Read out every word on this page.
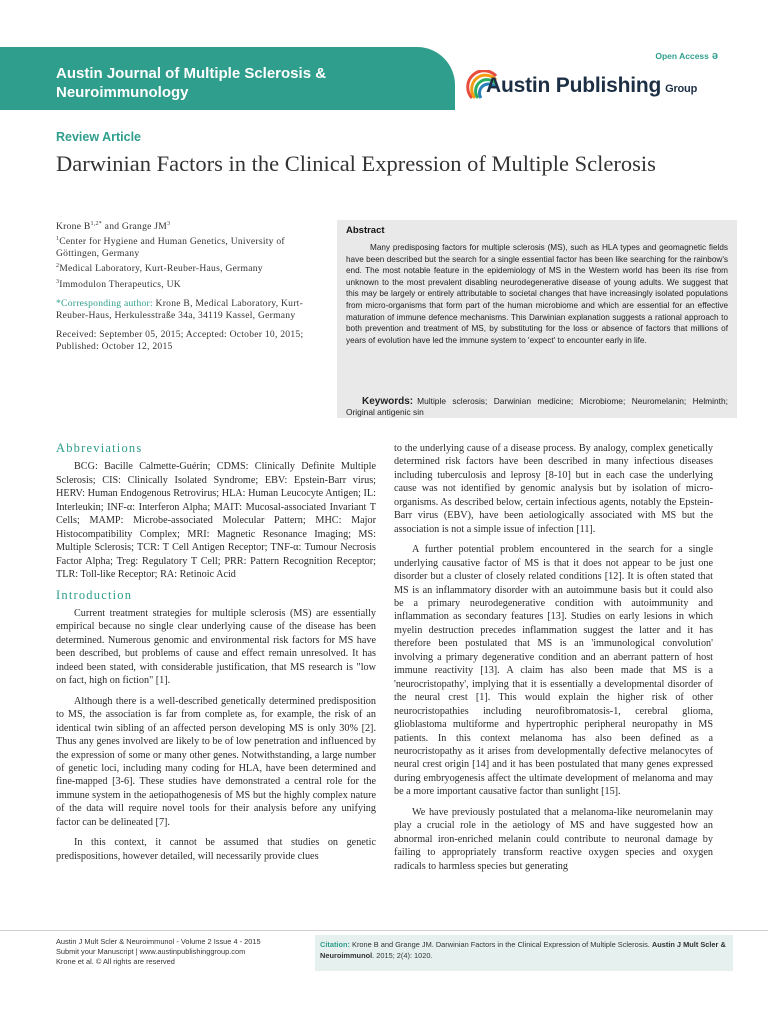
Austin Journal of Multiple Sclerosis & Neuroimmunology
Open Access ə
Austin Publishing Group
Review Article
Darwinian Factors in the Clinical Expression of Multiple Sclerosis

Krone $B^{1,2*}$ and Grange $JM^3$

$^1$Center for Hygiene and Human Genetics, University of Göttingen, Germany

$^2$Medical Laboratory, Kurt-Reuber-Haus, Germany

$^3$Immodulon Therapeutics, UK

*Corresponding author: Krone B, Medical Laboratory, Kurt-Reuber-Haus, Herkulesstraße 34a, 34119 Kassel, Germany

Received: September 05, 2015; Accepted: October 10, 2015; Published: October 12, 2015

Abstract
Many predisposing factors for multiple sclerosis (MS), such as HLA types and geomagnetic fields have been described but the search for a single essential factor has been like searching for the rainbow's end. The most notable feature in the epidemiology of MS in the Western world has been its rise from unknown to the most prevalent disabling neurodegenerative disease of young adults. We suggest that this may be largely or entirely attributable to societal changes that have increasingly isolated populations from micro-organisms that form part of the human microbiome and which are essential for an effective maturation of immune defence mechanisms. This Darwinian explanation suggests a rational approach to both prevention and treatment of MS, by substituting for the loss or absence of factors that millions of years of evolution have led the immune system to 'expect' to encounter early in life.
Keywords: Multiple sclerosis; Darwinian medicine; Microbiome; Neuromelanin; Helminth; Original antigenic sin
Abbreviations

BCG: Bacille Calmette-Guérin; CDMS: Clinically Definite Multiple Sclerosis; CIS: Clinically Isolated Syndrome; EBV: Epstein-Barr virus; HERV: Human Endogenous Retrovirus; HLA: Human Leucocyte Antigen; IL: Interleukin; INF-α: Interferon Alpha; MAIT: Mucosal-associated Invariant T Cells; MAMP: Microbe-associated Molecular Pattern; MHC: Major Histocompatibility Complex; MRI: Magnetic Resonance Imaging; MS: Multiple Sclerosis; TCR: T Cell Antigen Receptor; TNF-α: Tumour Necrosis Factor Alpha; Treg: Regulatory T Cell; PRR: Pattern Recognition Receptor; TLR: Toll-like Receptor; RA: Retinoic Acid

Introduction

Current treatment strategies for multiple sclerosis (MS) are essentially empirical because no single clear underlying cause of the disease has been determined. Numerous genomic and environmental risk factors for MS have been described, but problems of cause and effect remain unresolved. It has indeed been stated, with considerable justification, that MS research is "low on fact, high on fiction" [1].

Although there is a well-described genetically determined predisposition to MS, the association is far from complete as, for example, the risk of an identical twin sibling of an affected person developing MS is only 30% [2]. Thus any genes involved are likely to be of low penetration and influenced by the expression of some or many other genes. Notwithstanding, a large number of genetic loci, including many coding for HLA, have been determined and fine-mapped [3-6]. These studies have demonstrated a central role for the immune system in the aetiopathogenesis of MS but the highly complex nature of the data will require novel tools for their analysis before any unifying factor can be delineated [7].

In this context, it cannot be assumed that studies on genetic predispositions, however detailed, will necessarily provide clues

to the underlying cause of a disease process. By analogy, complex genetically determined risk factors have been described in many infectious diseases including tuberculosis and leprosy [8-10] but in each case the underlying cause was not identified by genomic analysis but by isolation of micro-organisms. As described below, certain infectious agents, notably the Epstein-Barr virus (EBV), have been aetiologically associated with MS but the association is not a simple issue of infection [11].

A further potential problem encountered in the search for a single underlying causative factor of MS is that it does not appear to be just one disorder but a cluster of closely related conditions [12]. It is often stated that MS is an inflammatory disorder with an autoimmune basis but it could also be a primary neurodegenerative condition with autoimmunity and inflammation as secondary features [13]. Studies on early lesions in which myelin destruction precedes inflammation suggest the latter and it has therefore been postulated that MS is an 'immunological convolution' involving a primary degenerative condition and an aberrant pattern of host immune reactivity [13]. A claim has also been made that MS is a 'neurocristopathy', implying that it is essentially a developmental disorder of the neural crest [1]. This would explain the higher risk of other neurocristopathies including neurofibromatosis-1, cerebral glioma, glioblastoma multiforme and hypertrophic peripheral neuropathy in MS patients. In this context melanoma has also been defined as a neurocristopathy as it arises from developmentally defective melanocytes of neural crest origin [14] and it has been postulated that many genes expressed during embryogenesis affect the ultimate development of melanoma and may be a more important causative factor than sunlight [15].

We have previously postulated that a melanoma-like neuromelanin may play a crucial role in the aetiology of MS and have suggested how an abnormal iron-enriched melanin could contribute to neuronal damage by failing to appropriately transform reactive oxygen species and oxygen radicals to harmless species but generating

Austin J Mult Scler & Neuroimmunol - Volume 2 Issue 4 - 2015
Submit your Manuscript | www.austinpublishinggroup.com
Krone et al. © All rights are reserved
Citation: Krone B and Grange JM. Darwinian Factors in the Clinical Expression of Multiple Sclerosis. Austin J Mult Scler & Neuroimmunol. 2015; 2(4): 1020.
